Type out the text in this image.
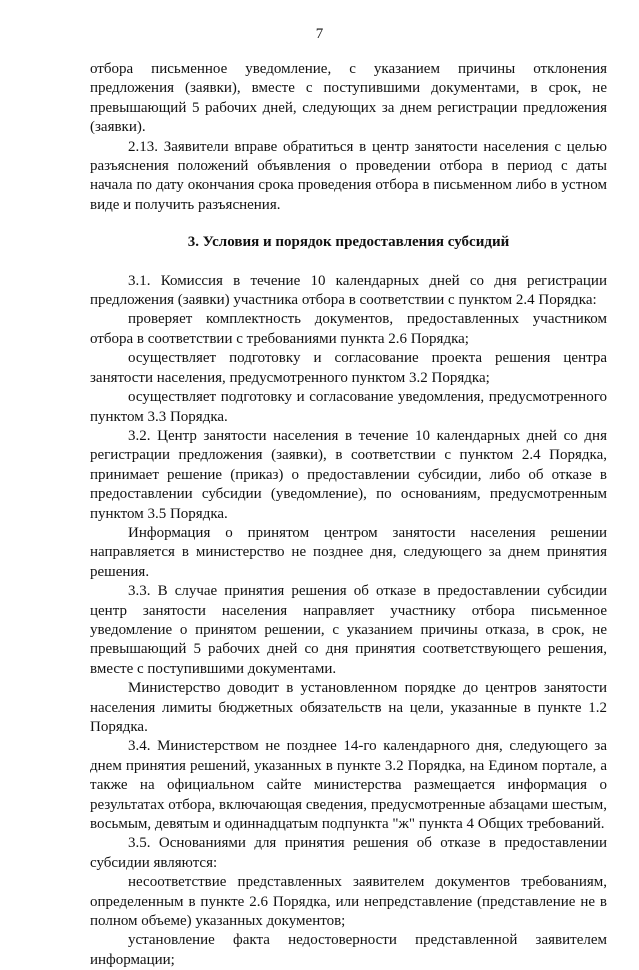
7

отбора письменное уведомление, с указанием причины отклонения предложения (заявки), вместе с поступившими документами, в срок, не превышающий 5 рабочих дней, следующих за днем регистрации предложения (заявки).

2.13. Заявители вправе обратиться в центр занятости населения с целью разъяснения положений объявления о проведении отбора в период с даты начала по дату окончания срока проведения отбора в письменном либо в устном виде и получить разъяснения.

3. Условия и порядок предоставления субсидий

3.1. Комиссия в течение 10 календарных дней со дня регистрации предложения (заявки) участника отбора в соответствии с пунктом 2.4 Порядка:

проверяет комплектность документов, предоставленных участником отбора в соответствии с требованиями пункта 2.6 Порядка;

осуществляет подготовку и согласование проекта решения центра занятости населения, предусмотренного пунктом 3.2 Порядка;

осуществляет подготовку и согласование уведомления, предусмотренного пунктом 3.3 Порядка.

3.2. Центр занятости населения в течение 10 календарных дней со дня регистрации предложения (заявки), в соответствии с пунктом 2.4 Порядка, принимает решение (приказ) о предоставлении субсидии, либо об отказе в предоставлении субсидии (уведомление), по основаниям, предусмотренным пунктом 3.5 Порядка.

Информация о принятом центром занятости населения решении направляется в министерство не позднее дня, следующего за днем принятия решения.

3.3. В случае принятия решения об отказе в предоставлении субсидии центр занятости населения направляет участнику отбора письменное уведомление о принятом решении, с указанием причины отказа, в срок, не превышающий 5 рабочих дней со дня принятия соответствующего решения, вместе с поступившими документами.

Министерство доводит в установленном порядке до центров занятости населения лимиты бюджетных обязательств на цели, указанные в пункте 1.2 Порядка.

3.4. Министерством не позднее 14-го календарного дня, следующего за днем принятия решений, указанных в пункте 3.2 Порядка, на Едином портале, а также на официальном сайте министерства размещается информация о результатах отбора, включающая сведения, предусмотренные абзацами шестым, восьмым, девятым и одиннадцатым подпункта "ж" пункта 4 Общих требований.

3.5. Основаниями для принятия решения об отказе в предоставлении субсидии являются:

несоответствие представленных заявителем документов требованиям, определенным в пункте 2.6 Порядка, или непредставление (представление не в полном объеме) указанных документов;

установление факта недостоверности представленной заявителем информации;
